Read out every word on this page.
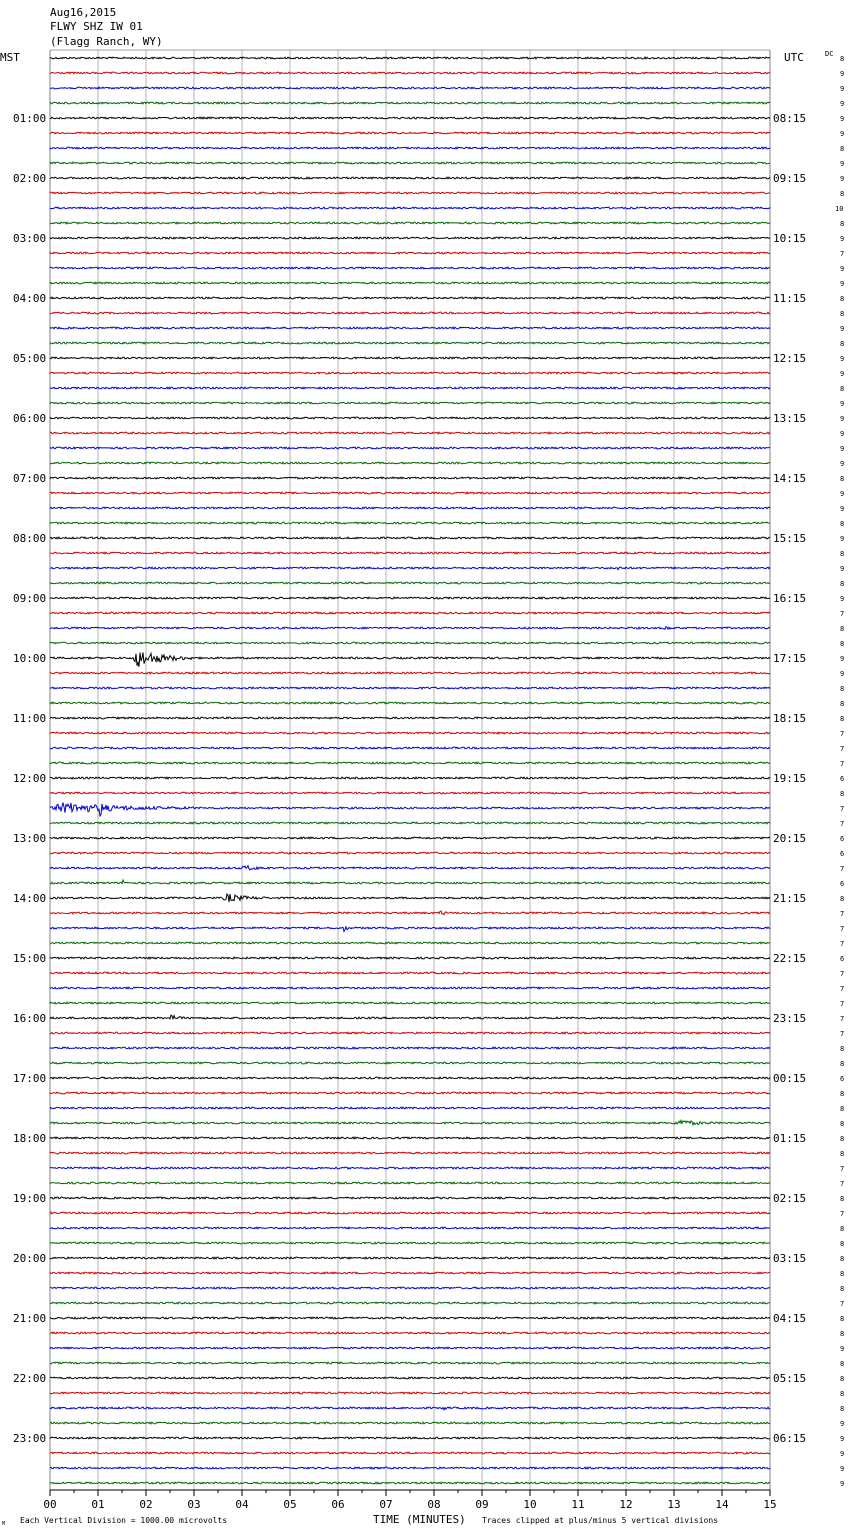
Aug16,2015
FLWY SHZ IW 01
(Flagg Ranch, WY)
MST	UTC	DC
01:00
02:00
03:00
04:00
05:00
06:00
07:00
08:00
09:00
10:00
11:00
12:00
13:00
14:00
15:00
16:00
17:00
18:00
19:00
20:00
21:00
22:00
23:00
08:15
09:15
10:15
11:15
12:15
13:15
14:15
15:15
16:15
17:15
18:15
19:15
20:15
21:15
22:15
23:15
00:15
01:15
02:15
03:15
04:15
05:15
06:15
8
9
9
9
9
9
8
9
9
8
10
8
9
7
9
9
8
8
9
8
9
9
8
9
9
9
9
9
8
9
9
8
9
8
9
8
9
7
8
8
9
9
8
8
8
7
7
7
6
8
7
7
6
6
7
6
8
7
7
7
6
7
7
7
7
7
8
8
6
8
8
8
8
8
7
7
8
7
8
8
8
8
8
7
8
8
9
8
8
8
8
9
9
9
9
9
00	01	02	03	04	05	06	07	08	09	10	11	12	13	14	15
M Each Vertical Division = 1000.00 microvolts	TIME (MINUTES) Traces clipped at plus/minus 5 vertical divisions
